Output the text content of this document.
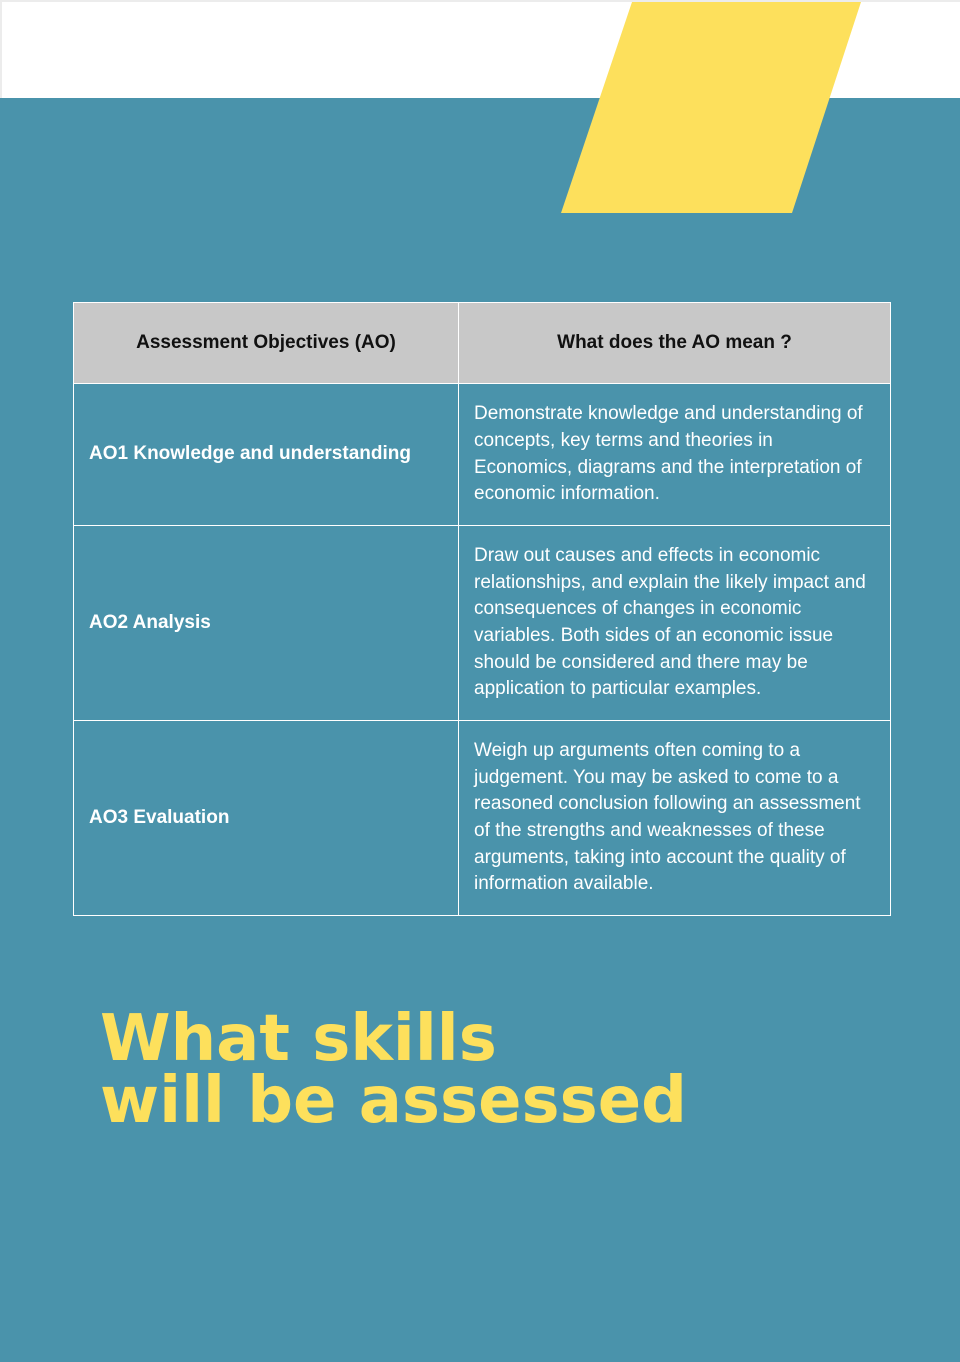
Assessment Objectives (AO)	What does the AO mean ?
AO1 Knowledge and understanding	Demonstrate knowledge and understanding of concepts, key terms and theories in Economics, diagrams and the interpretation of economic information.
AO2 Analysis	Draw out causes and effects in economic relationships, and explain the likely impact and consequences of changes in economic variables. Both sides of an economic issue should be considered and there may be application to particular examples.
AO3 Evaluation	Weigh up arguments often coming to a judgement. You may be asked to come to a reasoned conclusion following an assessment of the strengths and weaknesses of these arguments, taking into account the quality of information available.
What skills
will be assessed
